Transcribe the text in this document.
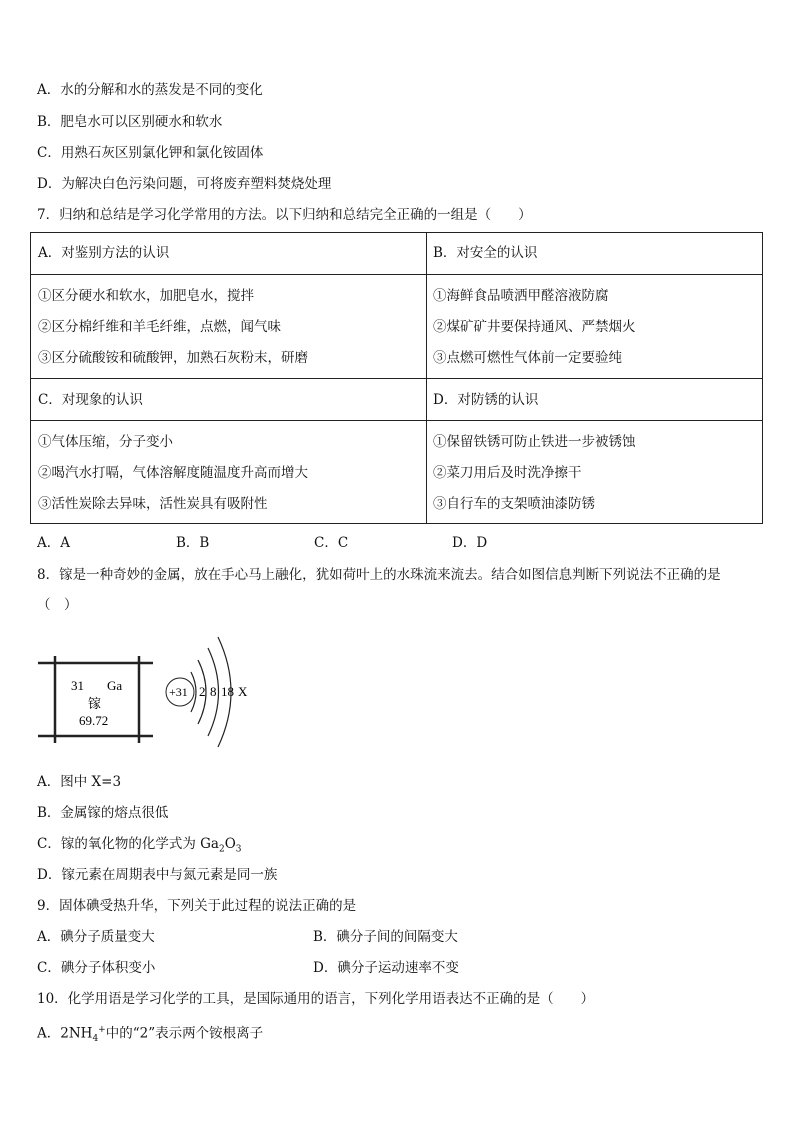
A．水的分解和水的蒸发是不同的变化
B．肥皂水可以区别硬水和软水
C．用熟石灰区别氯化钾和氯化铵固体
D．为解决白色污染问题，可将废弃塑料焚烧处理
7．归纳和总结是学习化学常用的方法。以下归纳和总结完全正确的一组是（　　）
A．对鉴别方法的认识	B．对安全的认识
①区分硬水和软水，加肥皂水，搅拌
②区分棉纤维和羊毛纤维，点燃，闻气味
③区分硫酸铵和硫酸钾，加熟石灰粉末，研磨
①海鲜食品喷洒甲醛溶液防腐
②煤矿矿井要保持通风、严禁烟火
③点燃可燃性气体前一定要验纯
C．对现象的认识	D．对防锈的认识
①气体压缩，分子变小
②喝汽水打嗝，气体溶解度随温度升高而增大
③活性炭除去异味，活性炭具有吸附性
①保留铁锈可防止铁进一步被锈蚀
②菜刀用后及时洗净擦干
③自行车的支架喷油漆防锈
A．A	B．B	C．C	D．D
8．镓是一种奇妙的金属，放在手心马上融化，犹如荷叶上的水珠流来流去。结合如图信息判断下列说法不正确的是
（　）
31 Ga
镓
69.72
+31 2 8 18 X
A．图中 X=3
B．金属镓的熔点很低
C．镓的氧化物的化学式为 $Ga_2O_3$
D．镓元素在周期表中与氮元素是同一族
9．固体碘受热升华，下列关于此过程的说法正确的是
A．碘分子质量变大	B．碘分子间的间隔变大
C．碘分子体积变小	D．碘分子运动速率不变
10．化学用语是学习化学的工具，是国际通用的语言，下列化学用语表达不正确的是（　　）
A．$2NH_4^+$中的“2”表示两个铵根离子
